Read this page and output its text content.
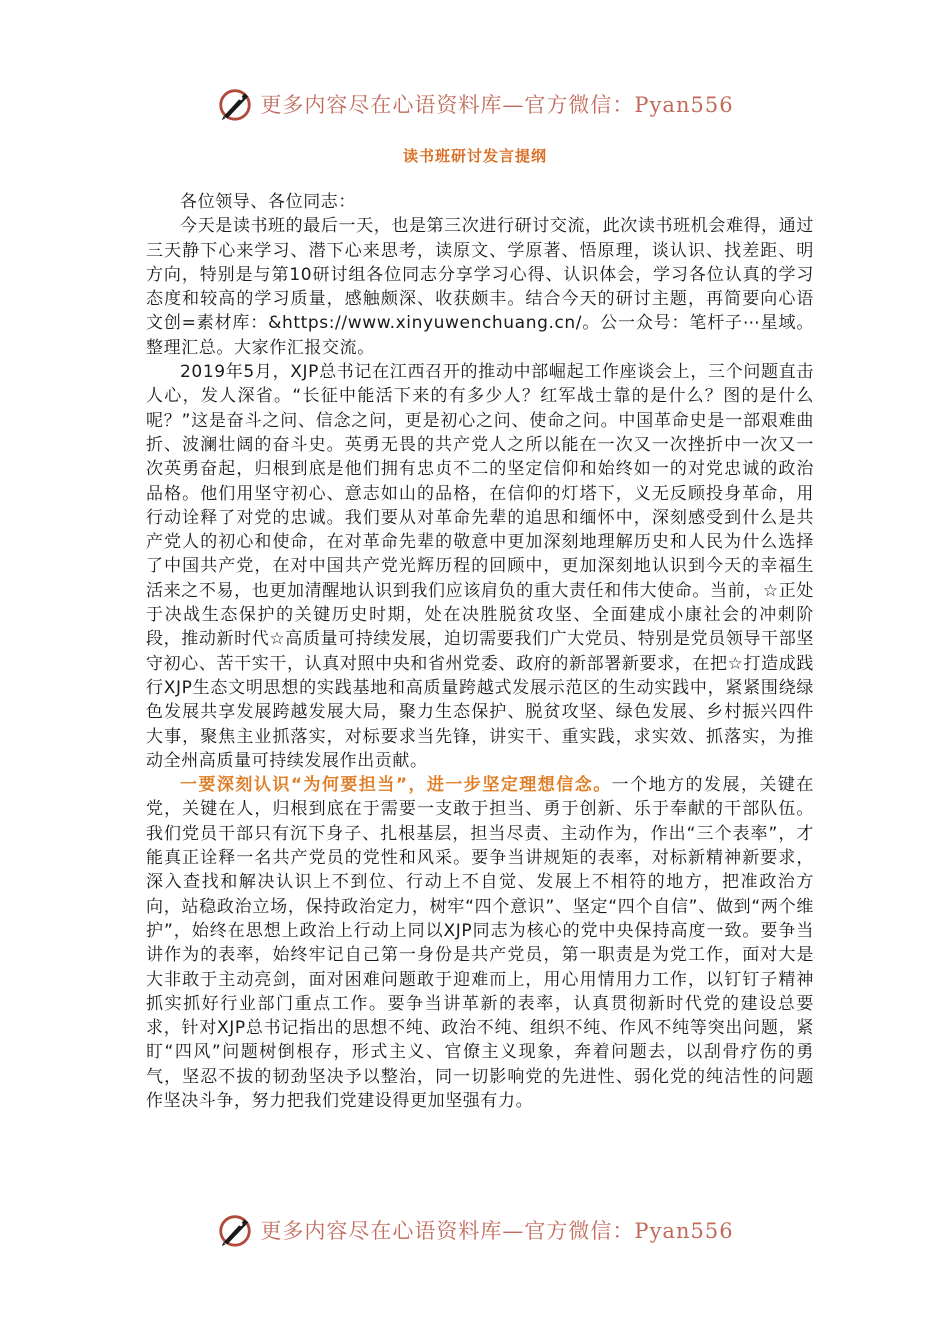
更多内容尽在心语资料库—官方微信：Pyan556
读书班研讨发言提纲

各位领导、各位同志：

今天是读书班的最后一天，也是第三次进行研讨交流，此次读书班机会难得，通过三天静下心来学习、潜下心来思考，读原文、学原著、悟原理，谈认识、找差距、明方向，特别是与第10研讨组各位同志分享学习心得、认识体会，学习各位认真的学习态度和较高的学习质量，感触颇深、收获颇丰。结合今天的研讨主题，再简要向心语文创=素材库：&https://www.xinyuwenchuang.cn/。公一众号：笔杆子⋯星域。整理汇总。大家作汇报交流。

2019年5月，XJP总书记在江西召开的推动中部崛起工作座谈会上，三个问题直击人心，发人深省。“长征中能活下来的有多少人？红军战士靠的是什么？图的是什么呢？”这是奋斗之问、信念之问，更是初心之问、使命之问。中国革命史是一部艰难曲折、波澜壮阔的奋斗史。英勇无畏的共产党人之所以能在一次又一次挫折中一次又一次英勇奋起，归根到底是他们拥有忠贞不二的坚定信仰和始终如一的对党忠诚的政治品格。他们用坚守初心、意志如山的品格，在信仰的灯塔下，义无反顾投身革命，用行动诠释了对党的忠诚。我们要从对革命先辈的追思和缅怀中，深刻感受到什么是共产党人的初心和使命，在对革命先辈的敬意中更加深刻地理解历史和人民为什么选择了中国共产党，在对中国共产党光辉历程的回顾中，更加深刻地认识到今天的幸福生活来之不易，也更加清醒地认识到我们应该肩负的重大责任和伟大使命。当前，☆正处于决战生态保护的关键历史时期，处在决胜脱贫攻坚、全面建成小康社会的冲刺阶段，推动新时代☆高质量可持续发展，迫切需要我们广大党员、特别是党员领导干部坚守初心、苦干实干，认真对照中央和省州党委、政府的新部署新要求，在把☆打造成践行XJP生态文明思想的实践基地和高质量跨越式发展示范区的生动实践中，紧紧围绕绿色发展共享发展跨越发展大局，聚力生态保护、脱贫攻坚、绿色发展、乡村振兴四件大事，聚焦主业抓落实，对标要求当先锋，讲实干、重实践，求实效、抓落实，为推动全州高质量可持续发展作出贡献。

一要深刻认识“为何要担当”，进一步坚定理想信念。一个地方的发展，关键在党，关键在人，归根到底在于需要一支敢于担当、勇于创新、乐于奉献的干部队伍。我们党员干部只有沉下身子、扎根基层，担当尽责、主动作为，作出“三个表率”，才能真正诠释一名共产党员的党性和风采。要争当讲规矩的表率，对标新精神新要求，深入查找和解决认识上不到位、行动上不自觉、发展上不相符的地方，把准政治方向，站稳政治立场，保持政治定力，树牢“四个意识”、坚定“四个自信”、做到“两个维护”，始终在思想上政治上行动上同以XJP同志为核心的党中央保持高度一致。要争当讲作为的表率，始终牢记自己第一身份是共产党员，第一职责是为党工作，面对大是大非敢于主动亮剑，面对困难问题敢于迎难而上，用心用情用力工作，以钉钉子精神抓实抓好行业部门重点工作。要争当讲革新的表率，认真贯彻新时代党的建设总要求，针对XJP总书记指出的思想不纯、政治不纯、组织不纯、作风不纯等突出问题，紧盯“四风”问题树倒根存，形式主义、官僚主义现象，奔着问题去，以刮骨疗伤的勇气，坚忍不拔的韧劲坚决予以整治，同一切影响党的先进性、弱化党的纯洁性的问题作坚决斗争，努力把我们党建设得更加坚强有力。

更多内容尽在心语资料库—官方微信：Pyan556
